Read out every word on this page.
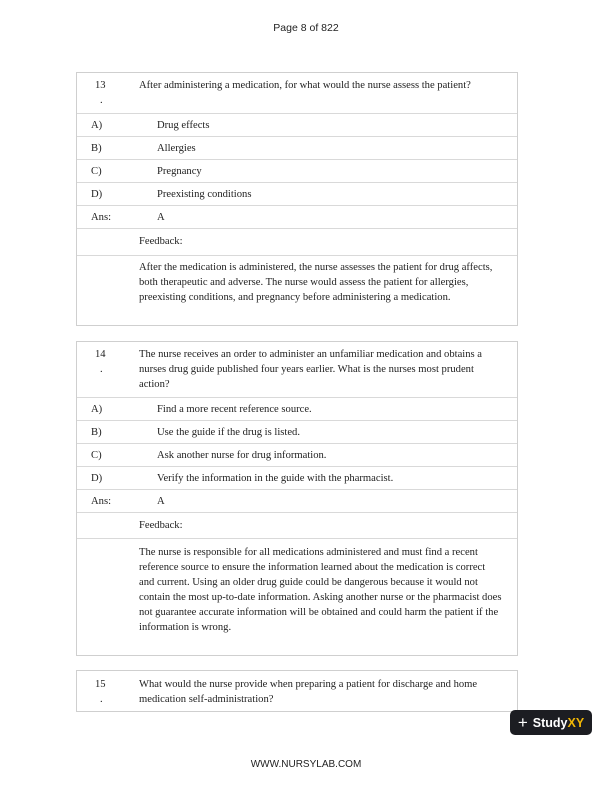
Page 8 of 822
13
.
After administering a medication, for what would the nurse assess the patient?
A)	Drug effects
B)	Allergies
C)	Pregnancy
D)	Preexisting conditions
Ans:	A
Feedback:
After the medication is administered, the nurse assesses the patient for drug affects, both therapeutic and adverse. The nurse would assess the patient for allergies, preexisting conditions, and pregnancy before administering a medication.
14
.
The nurse receives an order to administer an unfamiliar medication and obtains a nurses drug guide published four years earlier. What is the nurses most prudent action?
A)	Find a more recent reference source.
B)	Use the guide if the drug is listed.
C)	Ask another nurse for drug information.
D)	Verify the information in the guide with the pharmacist.
Ans:	A
Feedback:
The nurse is responsible for all medications administered and must find a recent reference source to ensure the information learned about the medication is correct and current. Using an older drug guide could be dangerous because it would not contain the most up-to-date information. Asking another nurse or the pharmacist does not guarantee accurate information will be obtained and could harm the patient if the information is wrong.
15
.
What would the nurse provide when preparing a patient for discharge and home medication self-administration?
+ Study XY
WWW.NURSYLAB.COM
